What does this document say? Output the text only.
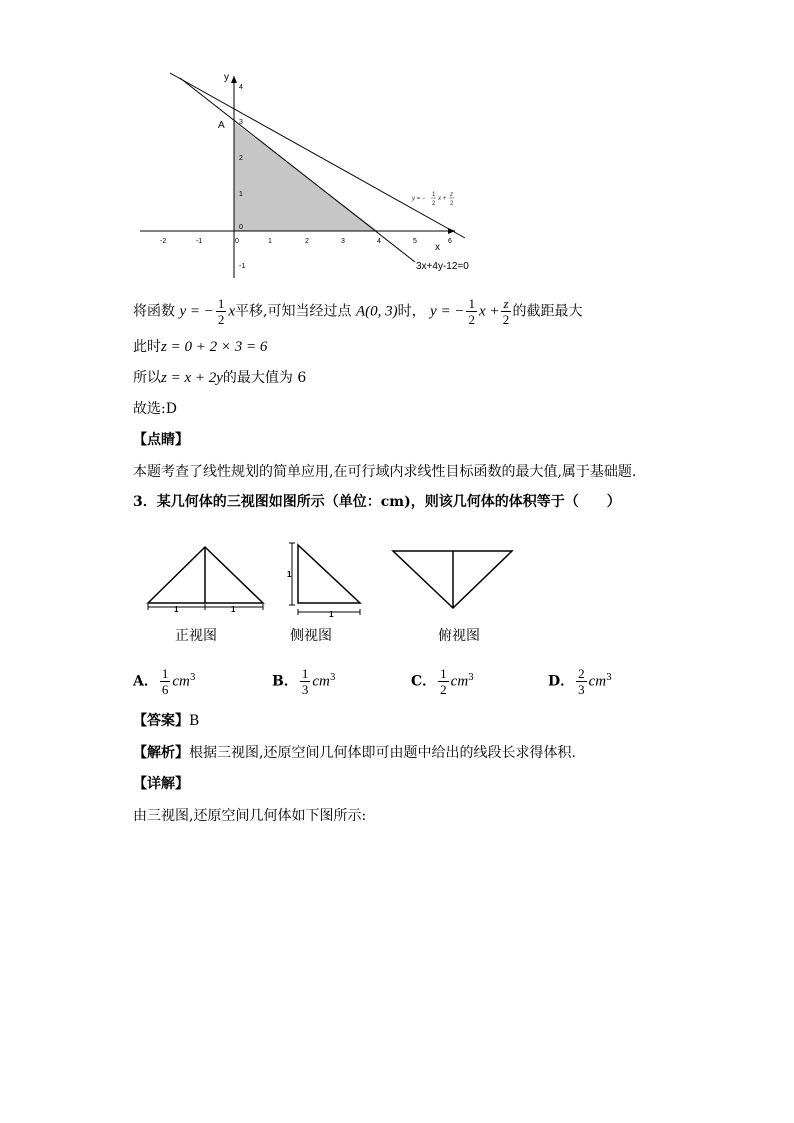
-2	-1	0	1	2	3	4	5	6
4
3
2
1
0
-1
x
y
A
y = −
1
2
x +
z
2
3x+4y-12=0
将函数 y = − $\frac{1}{2}$ x平移,可知当经过点 A(0, 3)时， y = − $\frac{1}{2}$ $x + \frac{z}{2}$ 的截距最大
此时z = 0 + 2 × 3 = 6
所以z = x + 2y的最大值为 6
故选:D
【点睛】
本题考查了线性规划的简单应用,在可行域内求线性目标函数的最大值,属于基础题.
3．某几何体的三视图如图所示（单位：cm)，则该几何体的体积等于（　　）
1	1
1
1
正视图	侧视图	俯视图
A． $\frac{1}{6} cm^3$	B． $\frac{1}{3} cm^3$	C． $\frac{1}{2} cm^3$	D． $\frac{2}{3} cm^3$
【答案】B
【解析】根据三视图,还原空间几何体即可由题中给出的线段长求得体积.
【详解】
由三视图,还原空间几何体如下图所示:
